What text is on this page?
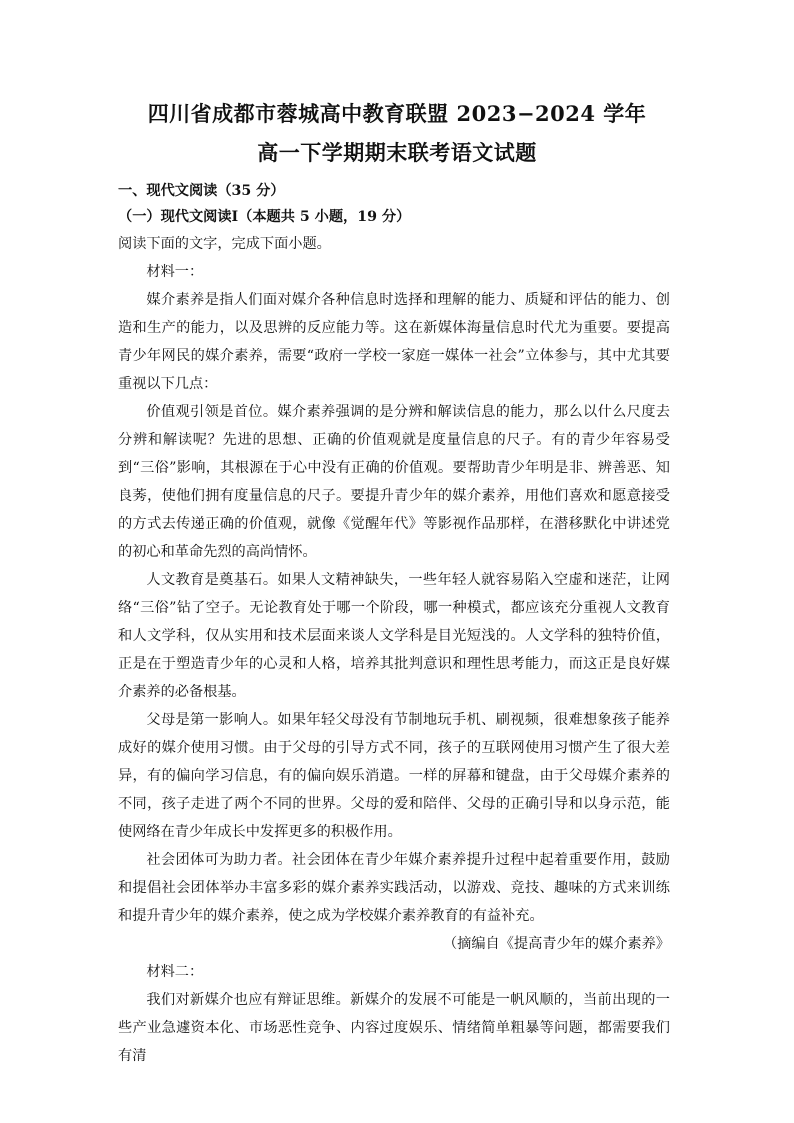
四川省成都市蓉城高中教育联盟 2023−2024 学年
高一下学期期末联考语文试题

一、现代文阅读（35 分）

（一）现代文阅读Ⅰ（本题共 5 小题，19 分）

阅读下面的文字，完成下面小题。

材料一：

媒介素养是指人们面对媒介各种信息时选择和理解的能力、质疑和评估的能力、创造和生产的能力，以及思辨的反应能力等。这在新媒体海量信息时代尤为重要。要提高青少年网民的媒介素养，需要“政府一学校一家庭一媒体一社会”立体参与，其中尤其要重视以下几点：

价值观引领是首位。媒介素养强调的是分辨和解读信息的能力，那么以什么尺度去分辨和解读呢？先进的思想、正确的价值观就是度量信息的尺子。有的青少年容易受到“三俗”影响，其根源在于心中没有正确的价值观。要帮助青少年明是非、辨善恶、知良莠，使他们拥有度量信息的尺子。要提升青少年的媒介素养，用他们喜欢和愿意接受的方式去传递正确的价值观，就像《觉醒年代》等影视作品那样，在潜移默化中讲述党的初心和革命先烈的高尚情怀。

人文教育是奠基石。如果人文精神缺失，一些年轻人就容易陷入空虚和迷茫，让网络“三俗”钻了空子。无论教育处于哪一个阶段，哪一种模式，都应该充分重视人文教育和人文学科，仅从实用和技术层面来谈人文学科是目光短浅的。人文学科的独特价值，正是在于塑造青少年的心灵和人格，培养其批判意识和理性思考能力，而这正是良好媒介素养的必备根基。

父母是第一影响人。如果年轻父母没有节制地玩手机、刷视频，很难想象孩子能养成好的媒介使用习惯。由于父母的引导方式不同，孩子的互联网使用习惯产生了很大差异，有的偏向学习信息，有的偏向娱乐消遣。一样的屏幕和键盘，由于父母媒介素养的不同，孩子走进了两个不同的世界。父母的爱和陪伴、父母的正确引导和以身示范，能使网络在青少年成长中发挥更多的积极作用。

社会团体可为助力者。社会团体在青少年媒介素养提升过程中起着重要作用，鼓励和提倡社会团体举办丰富多彩的媒介素养实践活动，以游戏、竞技、趣味的方式来训练和提升青少年的媒介素养，使之成为学校媒介素养教育的有益补充。

（摘编自《提高青少年的媒介素养》

材料二：

我们对新媒介也应有辩证思维。新媒介的发展不可能是一帆风顺的，当前出现的一些产业急遽资本化、市场恶性竞争、内容过度娱乐、情绪简单粗暴等问题，都需要我们有清
